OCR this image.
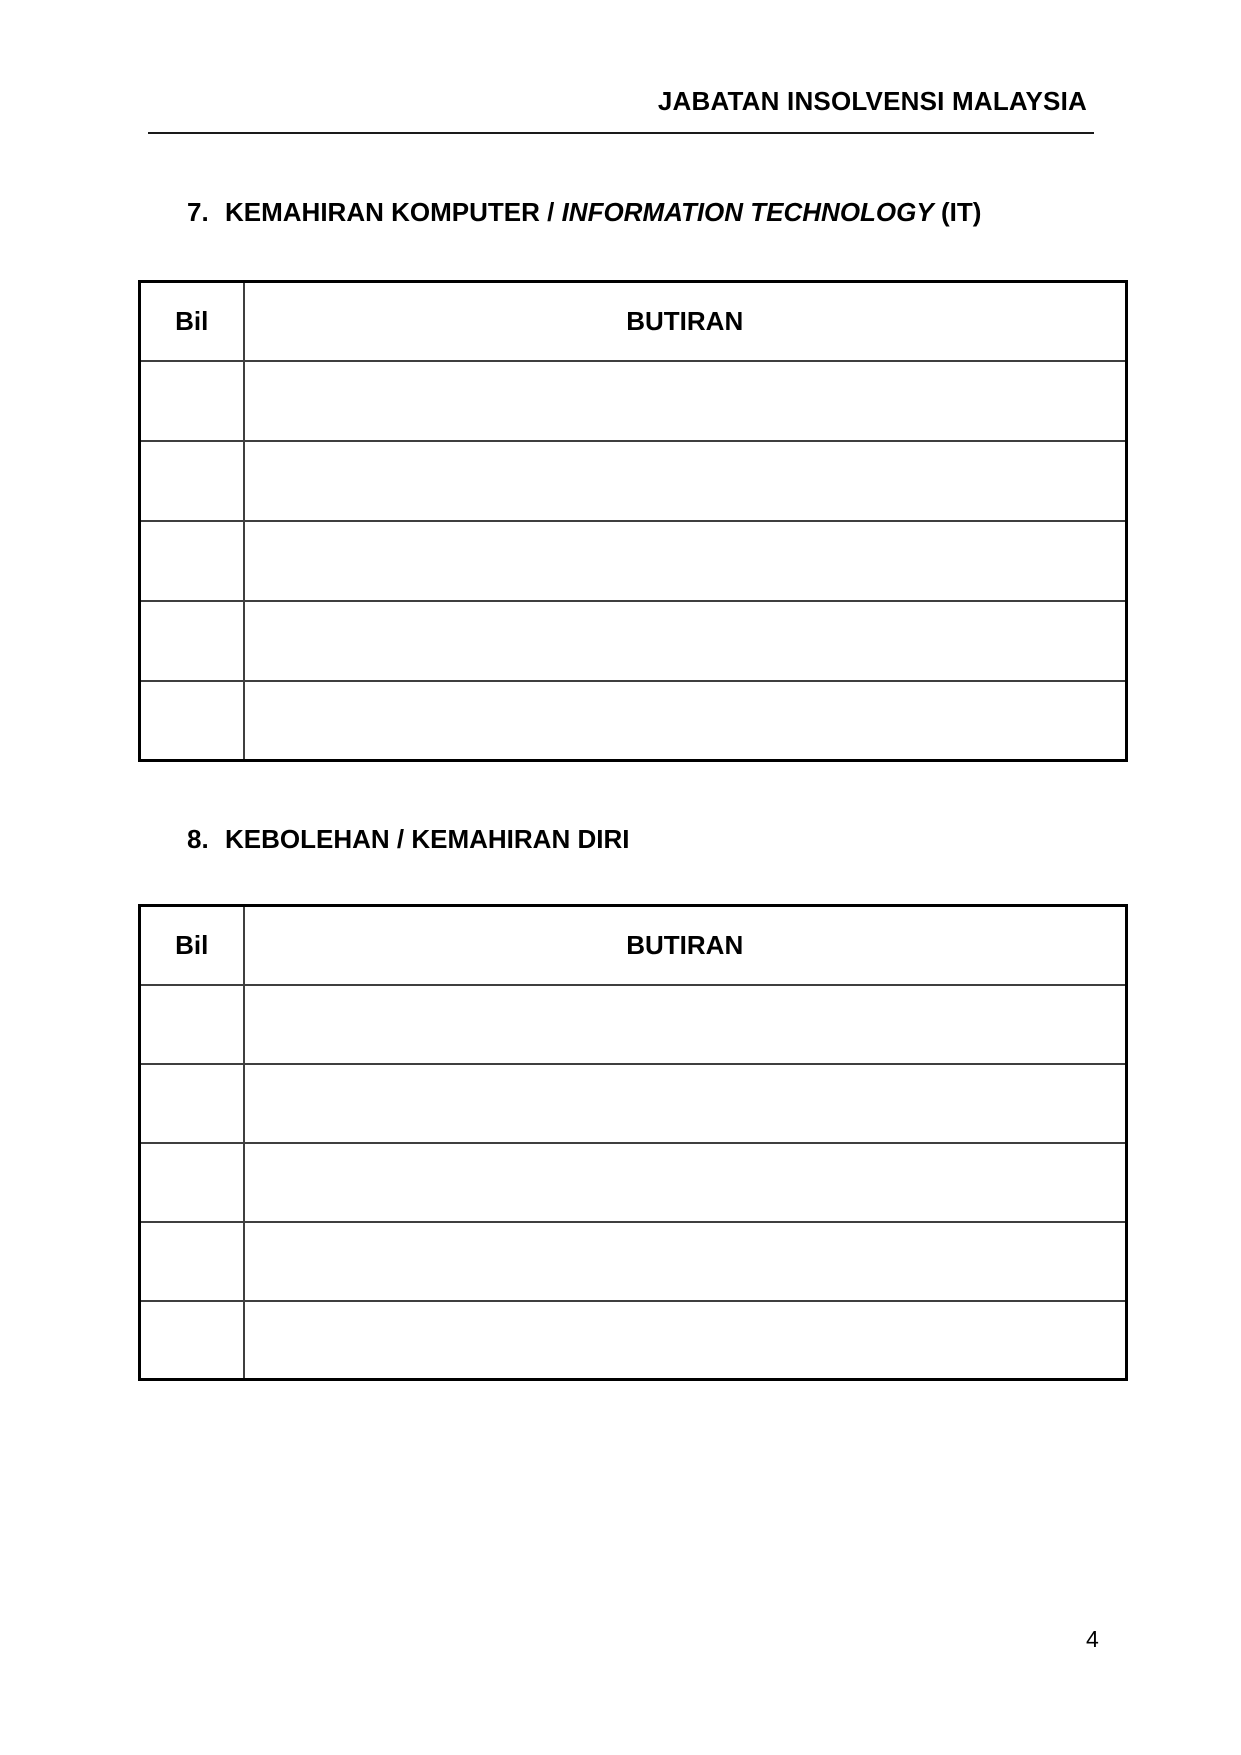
JABATAN INSOLVENSI MALAYSIA
7. KEMAHIRAN KOMPUTER / INFORMATION TECHNOLOGY (IT)
Bil	BUTIRAN

8. KEBOLEHAN / KEMAHIRAN DIRI
Bil	BUTIRAN

4
